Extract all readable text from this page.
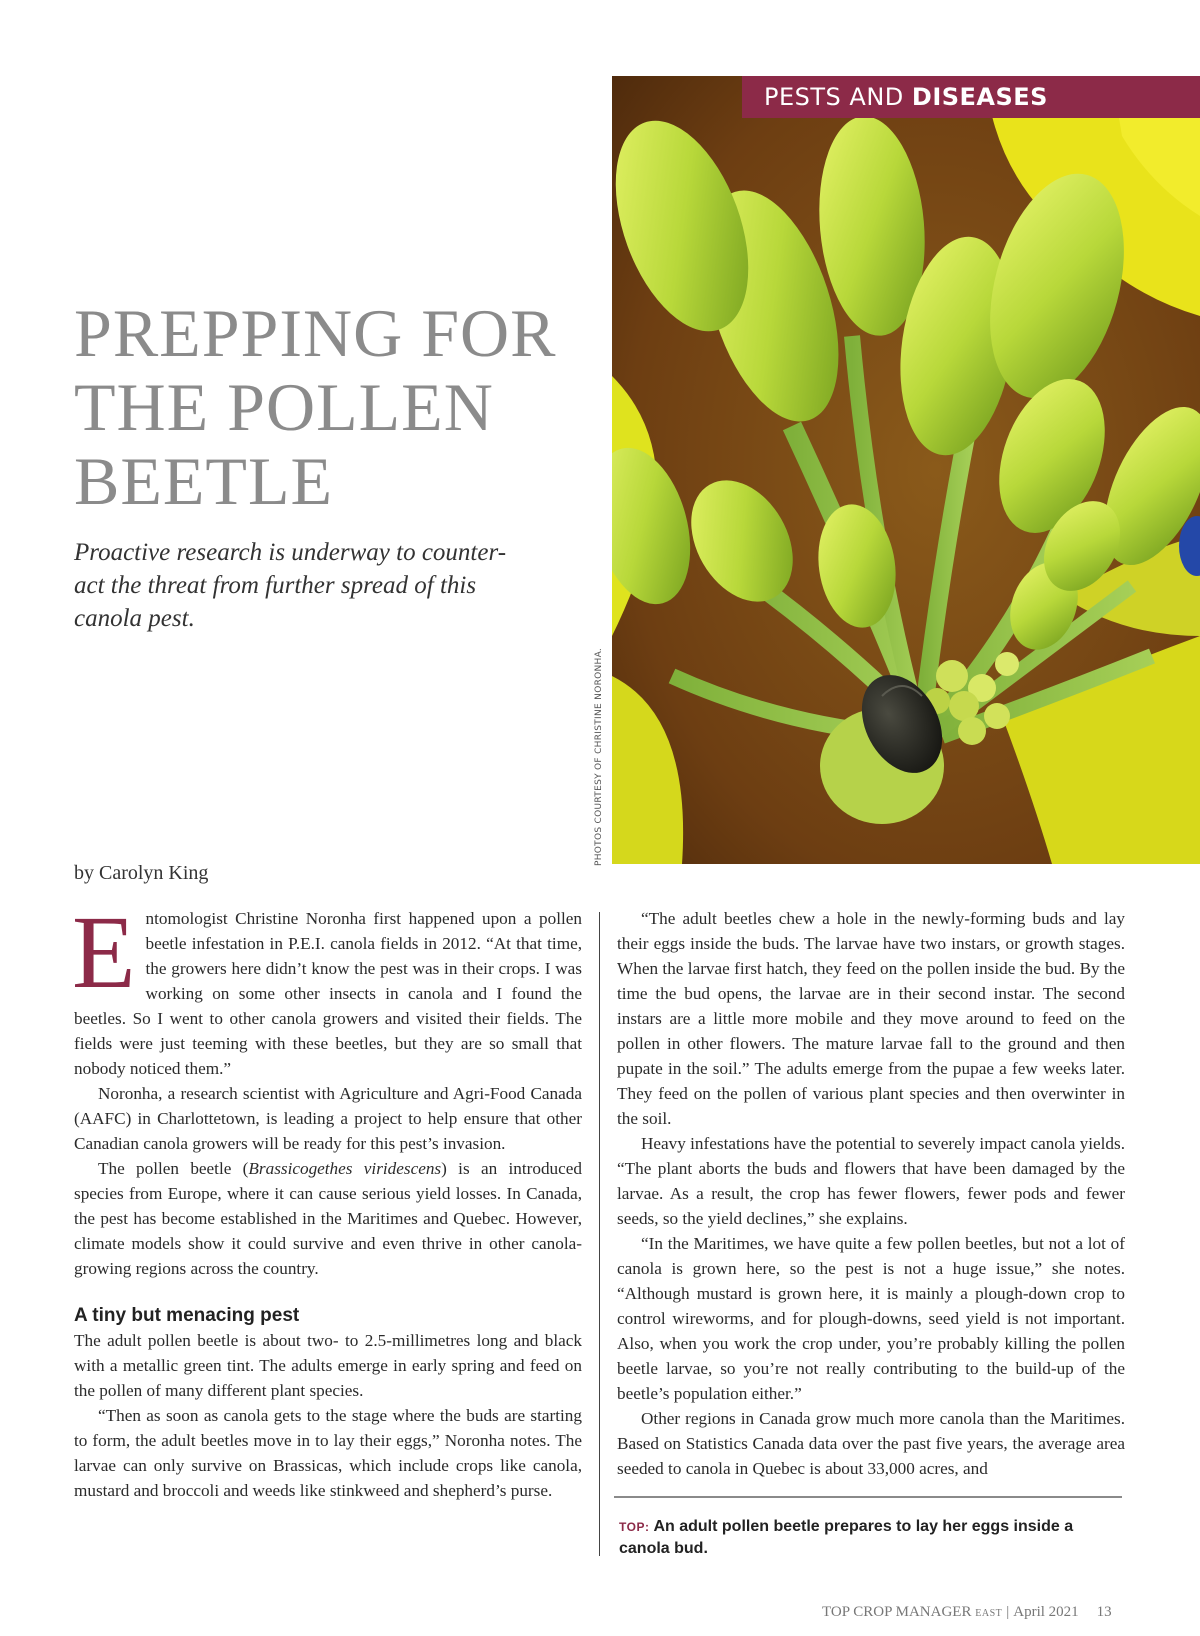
PESTS AND DISEASES
PHOTOS COURTESY OF CHRISTINE NORONHA.
PREPPING FOR
THE POLLEN
BEETLE
Proactive research is underway to counter-
act the threat from further spread of this
canola pest.
by Carolyn King

Entomologist Christine Noronha first happened upon a pollen beetle infestation in P.E.I. canola fields in 2012. “At that time, the growers here didn’t know the pest was in their crops. I was working on some other insects in canola and I found the beetles. So I went to other canola growers and visited their fields. The fields were just teeming with these beetles, but they are so small that nobody noticed them.”

Noronha, a research scientist with Agriculture and Agri-Food Canada (AAFC) in Charlottetown, is leading a project to help ensure that other Canadian canola growers will be ready for this pest’s invasion.

The pollen beetle (Brassicogethes viridescens) is an introduced species from Europe, where it can cause serious yield losses. In Canada, the pest has become established in the Maritimes and Quebec. However, climate models show it could survive and even thrive in other canola-growing regions across the country.

A tiny but menacing pest

The adult pollen beetle is about two- to 2.5-millimetres long and black with a metallic green tint. The adults emerge in early spring and feed on the pollen of many different plant species.

“Then as soon as canola gets to the stage where the buds are starting to form, the adult beetles move in to lay their eggs,” Noronha notes. The larvae can only survive on Brassicas, which include crops like canola, mustard and broccoli and weeds like stinkweed and shepherd’s purse.

“The adult beetles chew a hole in the newly-forming buds and lay their eggs inside the buds. The larvae have two instars, or growth stages. When the larvae first hatch, they feed on the pollen inside the bud. By the time the bud opens, the larvae are in their second instar. The second instars are a little more mobile and they move around to feed on the pollen in other flowers. The mature larvae fall to the ground and then pupate in the soil.” The adults emerge from the pupae a few weeks later. They feed on the pollen of various plant species and then overwinter in the soil.

Heavy infestations have the potential to severely impact canola yields. “The plant aborts the buds and flowers that have been damaged by the larvae. As a result, the crop has fewer flowers, fewer pods and fewer seeds, so the yield declines,” she explains.

“In the Maritimes, we have quite a few pollen beetles, but not a lot of canola is grown here, so the pest is not a huge issue,” she notes. “Although mustard is grown here, it is mainly a plough-down crop to control wireworms, and for plough-downs, seed yield is not important. Also, when you work the crop under, you’re probably killing the pollen beetle larvae, so you’re not really contributing to the build-up of the beetle’s population either.”

Other regions in Canada grow much more canola than the Maritimes. Based on Statistics Canada data over the past five years, the average area seeded to canola in Quebec is about 33,000 acres, and

TOP: An adult pollen beetle prepares to lay her eggs inside a canola bud.
TOP CROP MANAGER EAST | April 2021 13
